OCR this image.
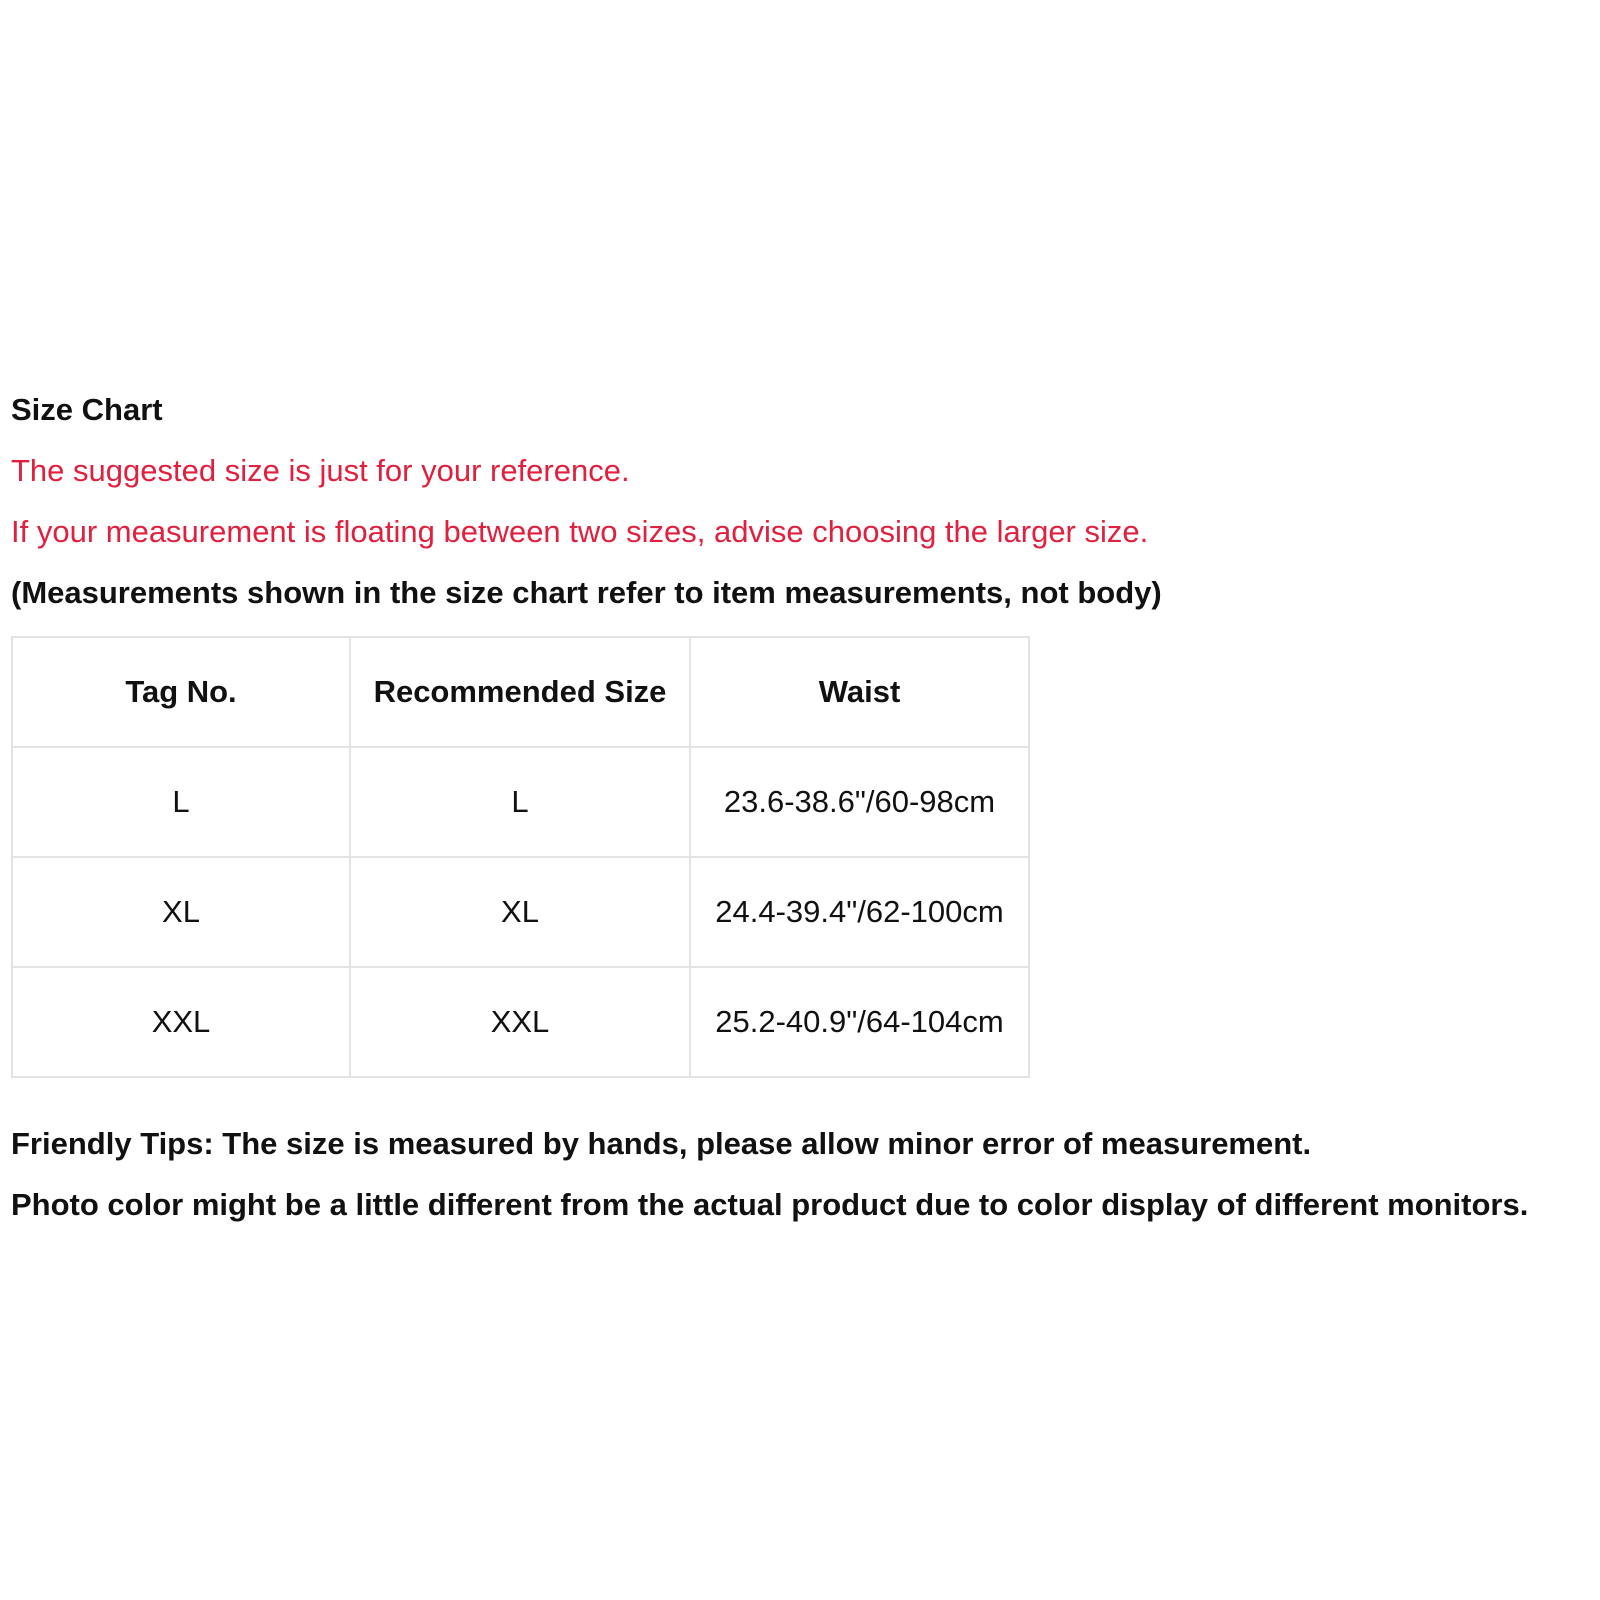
Size Chart

The suggested size is just for your reference.

If your measurement is floating between two sizes, advise choosing the larger size.

(Measurements shown in the size chart refer to item measurements, not body)

Tag No.	Recommended Size	Waist
L	L	23.6-38.6"/60-98cm
XL	XL	24.4-39.4"/62-100cm
XXL	XXL	25.2-40.9"/64-104cm

Friendly Tips: The size is measured by hands, please allow minor error of measurement.

Photo color might be a little different from the actual product due to color display of different monitors.
